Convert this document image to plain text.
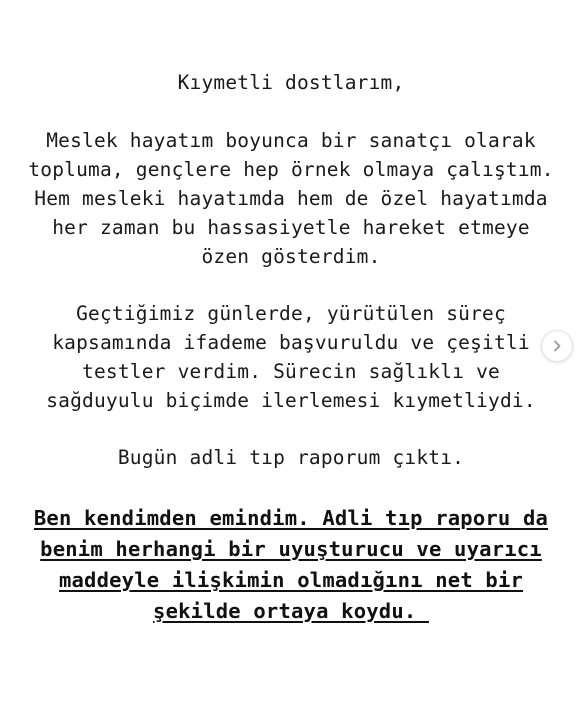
Kıymetli dostlarım,
Meslek hayatım boyunca bir sanatçı olarak
topluma, gençlere hep örnek olmaya çalıştım.
Hem mesleki hayatımda hem de özel hayatımda
her zaman bu hassasiyetle hareket etmeye
özen gösterdim.
Geçtiğimiz günlerde, yürütülen süreç
kapsamında ifademe başvuruldu ve çeşitli
testler verdim. Sürecin sağlıklı ve
sağduyulu biçimde ilerlemesi kıymetliydi.
Bugün adli tıp raporum çıktı.
Ben kendimden emindim. Adli tıp raporu da
benim herhangi bir uyuşturucu ve uyarıcı
maddeyle ilişkimin olmadığını net bir
şekilde ortaya koydu.
